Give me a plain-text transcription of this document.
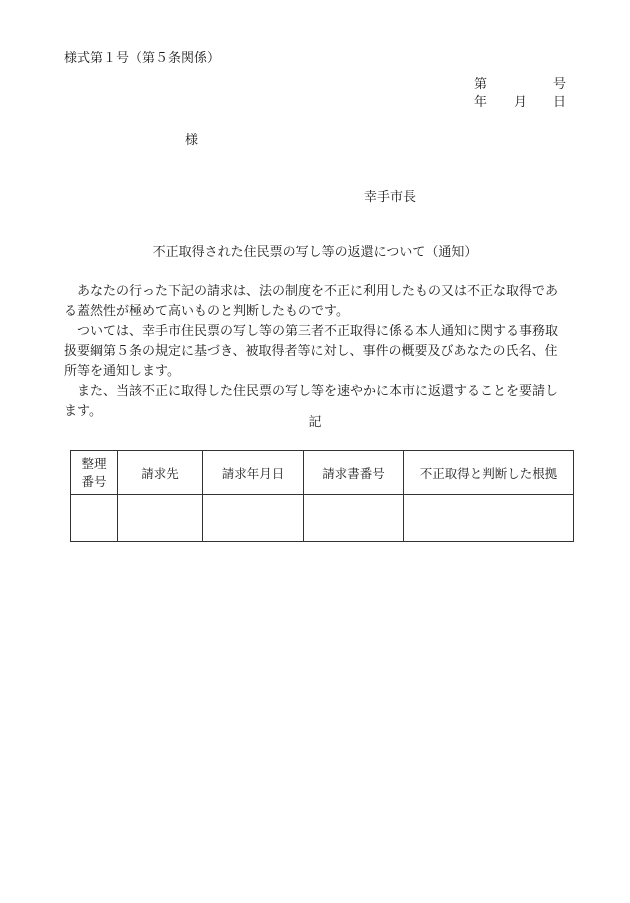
様式第１号（第５条関係）
第	号
年 月 日
様
幸手市長
不正取得された住民票の写し等の返還について（通知）

あなたの行った下記の請求は、法の制度を不正に利用したもの又は不正な取得である蓋然性が極めて高いものと判断したものです。

ついては、幸手市住民票の写し等の第三者不正取得に係る本人通知に関する事務取扱要綱第５条の規定に基づき、被取得者等に対し、事件の概要及びあなたの氏名、住所等を通知します。

また、当該不正に取得した住民票の写し等を速やかに本市に返還することを要請します。

記
整理
番号	請求先	請求年月日	請求書番号	不正取得と判断した根拠
